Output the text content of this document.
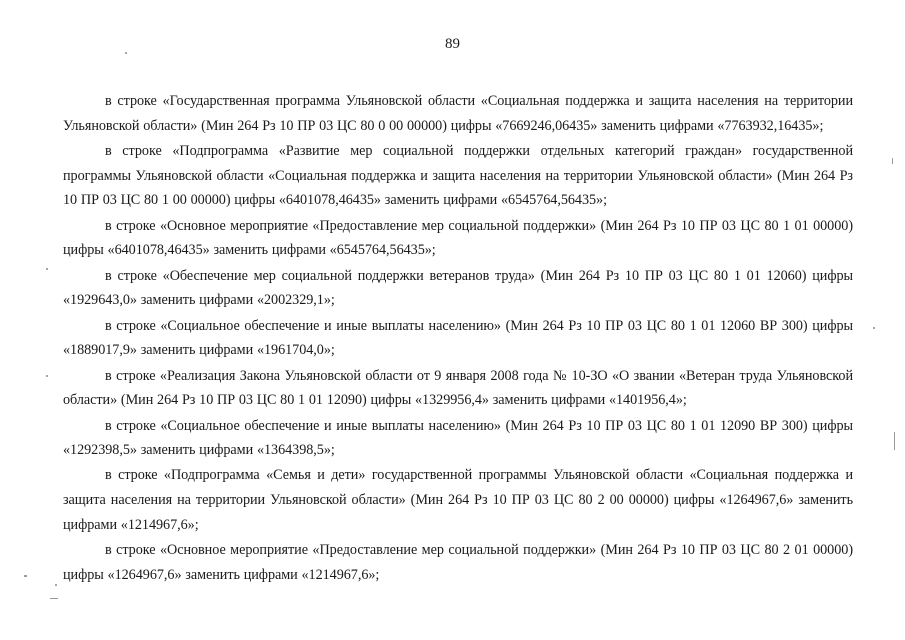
89

в строке «Государственная программа Ульяновской области «Социальная поддержка и защита населения на территории Ульяновской области» (Мин 264 Рз 10 ПР 03 ЦС 80 0 00 00000) цифры «7669246,06435» заменить цифрами «7763932,16435»;

в строке «Подпрограмма «Развитие мер социальной поддержки отдельных категорий граждан» государственной программы Ульяновской области «Социальная поддержка и защита населения на территории Ульяновской области» (Мин 264 Рз 10 ПР 03 ЦС 80 1 00 00000) цифры «6401078,46435» заменить цифрами «6545764,56435»;

в строке «Основное мероприятие «Предоставление мер социальной поддержки» (Мин 264 Рз 10 ПР 03 ЦС 80 1 01 00000) цифры «6401078,46435» заменить цифрами «6545764,56435»;

в строке «Обеспечение мер социальной поддержки ветеранов труда» (Мин 264 Рз 10 ПР 03 ЦС 80 1 01 12060) цифры «1929643,0» заменить цифрами «2002329,1»;

в строке «Социальное обеспечение и иные выплаты населению» (Мин 264 Рз 10 ПР 03 ЦС 80 1 01 12060 ВР 300) цифры «1889017,9» заменить цифрами «1961704,0»;

в строке «Реализация Закона Ульяновской области от 9 января 2008 года № 10-ЗО «О звании «Ветеран труда Ульяновской области» (Мин 264 Рз 10 ПР 03 ЦС 80 1 01 12090) цифры «1329956,4» заменить цифрами «1401956,4»;

в строке «Социальное обеспечение и иные выплаты населению» (Мин 264 Рз 10 ПР 03 ЦС 80 1 01 12090 ВР 300) цифры «1292398,5» заменить цифрами «1364398,5»;

в строке «Подпрограмма «Семья и дети» государственной программы Ульяновской области «Социальная поддержка и защита населения на территории Ульяновской области» (Мин 264 Рз 10 ПР 03 ЦС 80 2 00 00000) цифры «1264967,6» заменить цифрами «1214967,6»;

в строке «Основное мероприятие «Предоставление мер социальной поддержки» (Мин 264 Рз 10 ПР 03 ЦС 80 2 01 00000) цифры «1264967,6» заменить цифрами «1214967,6»;
